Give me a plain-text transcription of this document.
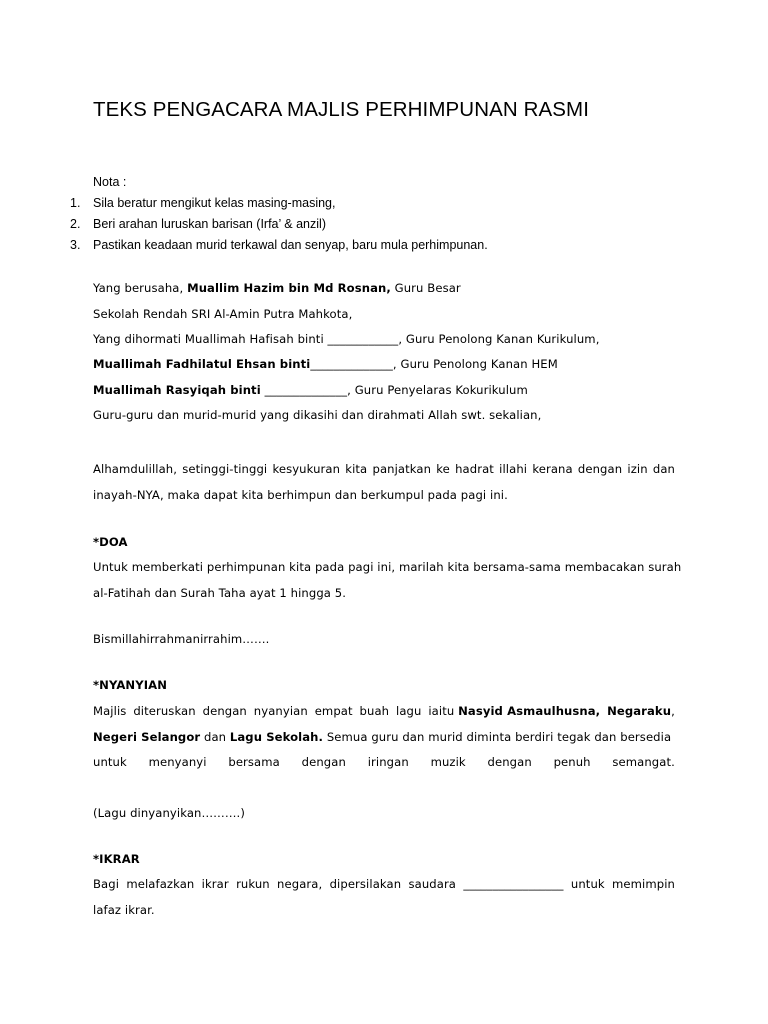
TEKS PENGACARA MAJLIS PERHIMPUNAN RASMI
Nota :
1. Sila beratur mengikut kelas masing-masing,
2. Beri arahan luruskan barisan (Irfa’ & anzil)
3. Pastikan keadaan murid terkawal dan senyap, baru mula perhimpunan.
Yang berusaha, Muallim Hazim bin Md Rosnan, Guru Besar
Sekolah Rendah SRI Al-Amin Putra Mahkota,
Yang dihormati Muallimah Hafisah binti ____________, Guru Penolong Kanan Kurikulum,
Muallimah Fadhilatul Ehsan binti______________, Guru Penolong Kanan HEM
Muallimah Rasyiqah binti ______________, Guru Penyelaras Kokurikulum
Guru-guru dan murid-murid yang dikasihi dan dirahmati Allah swt. sekalian,
Alhamdulillah, setinggi-tinggi kesyukuran kita panjatkan ke hadrat illahi kerana dengan izin dan
inayah-NYA, maka dapat kita berhimpun dan berkumpul pada pagi ini.
*DOA
Untuk memberkati perhimpunan kita pada pagi ini, marilah kita bersama-sama membacakan surah
al-Fatihah dan Surah Taha ayat 1 hingga 5.
Bismillahirrahmanirrahim…….
*NYANYIAN
Majlis diteruskan dengan nyanyian empat buah lagu iaitu Nasyid Asmaulhusna, Negaraku,
Negeri Selangor dan Lagu Sekolah. Semua guru dan murid diminta berdiri tegak dan bersedia
untuk menyanyi bersama dengan iringan muzik dengan penuh semangat.
(Lagu dinyanyikan……….)
*IKRAR
Bagi melafazkan ikrar rukun negara, dipersilakan saudara _________________ untuk memimpin
lafaz ikrar.
